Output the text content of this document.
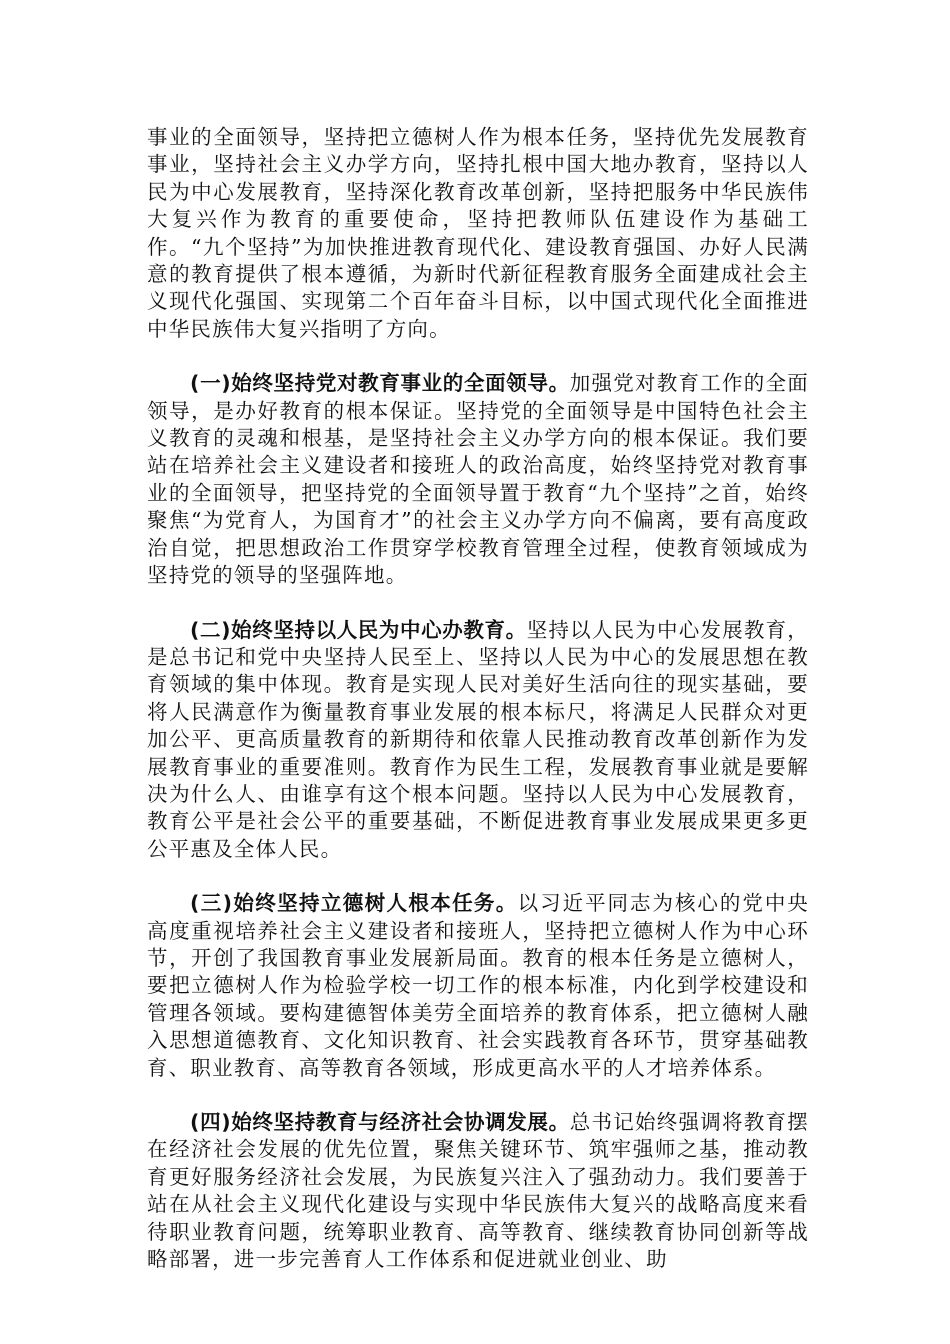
事业的全面领导，坚持把立德树人作为根本任务，坚持优先发展教育事业，坚持社会主义办学方向，坚持扎根中国大地办教育，坚持以人民为中心发展教育，坚持深化教育改革创新，坚持把服务中华民族伟大复兴作为教育的重要使命，坚持把教师队伍建设作为基础工作。“九个坚持”为加快推进教育现代化、建设教育强国、办好人民满意的教育提供了根本遵循，为新时代新征程教育服务全面建成社会主义现代化强国、实现第二个百年奋斗目标，以中国式现代化全面推进中华民族伟大复兴指明了方向。

(一)始终坚持党对教育事业的全面领导。加强党对教育工作的全面领导，是办好教育的根本保证。坚持党的全面领导是中国特色社会主义教育的灵魂和根基，是坚持社会主义办学方向的根本保证。我们要站在培养社会主义建设者和接班人的政治高度，始终坚持党对教育事业的全面领导，把坚持党的全面领导置于教育“九个坚持”之首，始终聚焦“为党育人，为国育才”的社会主义办学方向不偏离，要有高度政治自觉，把思想政治工作贯穿学校教育管理全过程，使教育领域成为坚持党的领导的坚强阵地。

(二)始终坚持以人民为中心办教育。坚持以人民为中心发展教育，是总书记和党中央坚持人民至上、坚持以人民为中心的发展思想在教育领域的集中体现。教育是实现人民对美好生活向往的现实基础，要将人民满意作为衡量教育事业发展的根本标尺，将满足人民群众对更加公平、更高质量教育的新期待和依靠人民推动教育改革创新作为发展教育事业的重要准则。教育作为民生工程，发展教育事业就是要解决为什么人、由谁享有这个根本问题。坚持以人民为中心发展教育，教育公平是社会公平的重要基础，不断促进教育事业发展成果更多更公平惠及全体人民。

(三)始终坚持立德树人根本任务。以习近平同志为核心的党中央高度重视培养社会主义建设者和接班人，坚持把立德树人作为中心环节，开创了我国教育事业发展新局面。教育的根本任务是立德树人，要把立德树人作为检验学校一切工作的根本标准，内化到学校建设和管理各领域。要构建德智体美劳全面培养的教育体系，把立德树人融入思想道德教育、文化知识教育、社会实践教育各环节，贯穿基础教育、职业教育、高等教育各领域，形成更高水平的人才培养体系。

(四)始终坚持教育与经济社会协调发展。总书记始终强调将教育摆在经济社会发展的优先位置，聚焦关键环节、筑牢强师之基，推动教育更好服务经济社会发展，为民族复兴注入了强劲动力。我们要善于站在从社会主义现代化建设与实现中华民族伟大复兴的战略高度来看待职业教育问题，统筹职业教育、高等教育、继续教育协同创新等战略部署，进一步完善育人工作体系和促进就业创业、助
